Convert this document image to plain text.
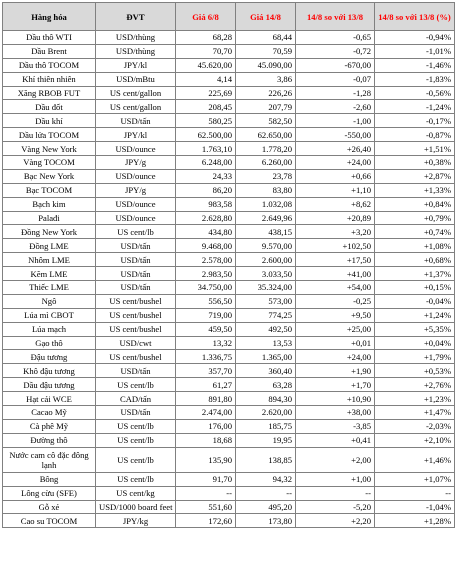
Hàng hóa	ĐVT	Giá 6/8	Giá 14/8	14/8 so với 13/8	14/8 so với 13/8 (%)
Dầu thô WTI	USD/thùng	68,28	68,44	-0,65	-0,94%
Dầu Brent	USD/thùng	70,70	70,59	-0,72	-1,01%
Dầu thô TOCOM	JPY/kl	45.620,00	45.090,00	-670,00	-1,46%
Khí thiên nhiên	USD/mBtu	4,14	3,86	-0,07	-1,83%
Xăng RBOB FUT	US cent/gallon	225,69	226,26	-1,28	-0,56%
Dầu đốt	US cent/gallon	208,45	207,79	-2,60	-1,24%
Dầu khí	USD/tấn	580,25	582,50	-1,00	-0,17%
Dầu lửa TOCOM	JPY/kl	62.500,00	62.650,00	-550,00	-0,87%
Vàng New York	USD/ounce	1.763,10	1.778,20	+26,40	+1,51%
Vàng TOCOM	JPY/g	6.248,00	6.260,00	+24,00	+0,38%
Bạc New York	USD/ounce	24,33	23,78	+0,66	+2,87%
Bạc TOCOM	JPY/g	86,20	83,80	+1,10	+1,33%
Bạch kim	USD/ounce	983,58	1.032,08	+8,62	+0,84%
Palađi	USD/ounce	2.628,80	2.649,96	+20,89	+0,79%
Đồng New York	US cent/lb	434,80	438,15	+3,20	+0,74%
Đồng LME	USD/tấn	9.468,00	9.570,00	+102,50	+1,08%
Nhôm LME	USD/tấn	2.578,00	2.600,00	+17,50	+0,68%
Kẽm LME	USD/tấn	2.983,50	3.033,50	+41,00	+1,37%
Thiếc LME	USD/tấn	34.750,00	35.324,00	+54,00	+0,15%
Ngô	US cent/bushel	556,50	573,00	-0,25	-0,04%
Lúa mì CBOT	US cent/bushel	719,00	774,25	+9,50	+1,24%
Lúa mạch	US cent/bushel	459,50	492,50	+25,00	+5,35%
Gạo thô	USD/cwt	13,32	13,53	+0,01	+0,04%
Đậu tương	US cent/bushel	1.336,75	1.365,00	+24,00	+1,79%
Khô đậu tương	USD/tấn	357,70	360,40	+1,90	+0,53%
Dầu đậu tương	US cent/lb	61,27	63,28	+1,70	+2,76%
Hạt cải WCE	CAD/tấn	891,80	894,30	+10,90	+1,23%
Cacao Mỹ	USD/tấn	2.474,00	2.620,00	+38,00	+1,47%
Cà phê Mỹ	US cent/lb	176,00	185,75	-3,85	-2,03%
Đường thô	US cent/lb	18,68	19,95	+0,41	+2,10%
Nước cam cô đặc đông lạnh	US cent/lb	135,90	138,85	+2,00	+1,46%
Bông	US cent/lb	91,70	94,32	+1,00	+1,07%
Lông cừu (SFE)	US cent/kg	--	--	--	--
Gỗ xẻ	USD/1000 board feet	551,60	495,20	-5,20	-1,04%
Cao su TOCOM	JPY/kg	172,60	173,80	+2,20	+1,28%
